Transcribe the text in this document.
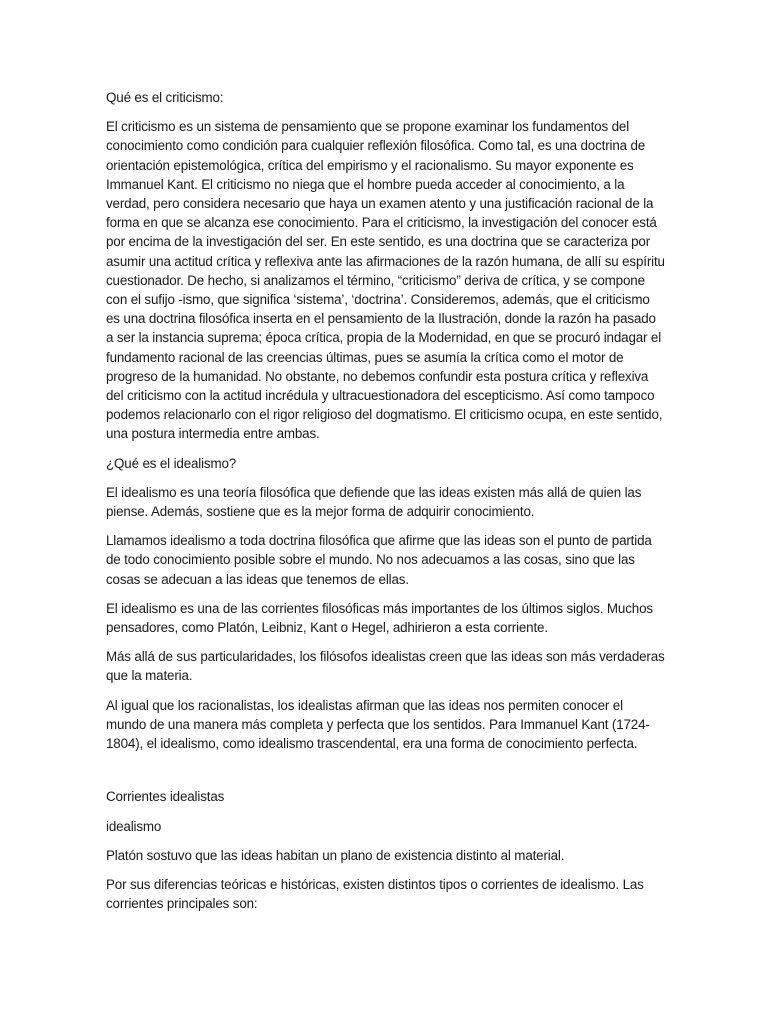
Qué es el criticismo:

El criticismo es un sistema de pensamiento que se propone examinar los fundamentos del conocimiento como condición para cualquier reflexión filosófica. Como tal, es una doctrina de orientación epistemológica, crítica del empirismo y el racionalismo. Su mayor exponente es Immanuel Kant. El criticismo no niega que el hombre pueda acceder al conocimiento, a la verdad, pero considera necesario que haya un examen atento y una justificación racional de la forma en que se alcanza ese conocimiento. Para el criticismo, la investigación del conocer está por encima de la investigación del ser. En este sentido, es una doctrina que se caracteriza por asumir una actitud crítica y reflexiva ante las afirmaciones de la razón humana, de allí su espíritu cuestionador. De hecho, si analizamos el término, “criticismo” deriva de crítica, y se compone con el sufijo -ismo, que significa ‘sistema’, ‘doctrina’. Consideremos, además, que el criticismo es una doctrina filosófica inserta en el pensamiento de la Ilustración, donde la razón ha pasado a ser la instancia suprema; época crítica, propia de la Modernidad, en que se procuró indagar el fundamento racional de las creencias últimas, pues se asumía la crítica como el motor de progreso de la humanidad. No obstante, no debemos confundir esta postura crítica y reflexiva del criticismo con la actitud incrédula y ultracuestionadora del escepticismo. Así como tampoco podemos relacionarlo con el rigor religioso del dogmatismo. El criticismo ocupa, en este sentido, una postura intermedia entre ambas.

¿Qué es el idealismo?

El idealismo es una teoría filosófica que defiende que las ideas existen más allá de quien las piense. Además, sostiene que es la mejor forma de adquirir conocimiento.

Llamamos idealismo a toda doctrina filosófica que afirme que las ideas son el punto de partida de todo conocimiento posible sobre el mundo. No nos adecuamos a las cosas, sino que las cosas se adecuan a las ideas que tenemos de ellas.

El idealismo es una de las corrientes filosóficas más importantes de los últimos siglos. Muchos pensadores, como Platón, Leibniz, Kant o Hegel, adhirieron a esta corriente.

Más allá de sus particularidades, los filósofos idealistas creen que las ideas son más verdaderas que la materia.

Al igual que los racionalistas, los idealistas afirman que las ideas nos permiten conocer el mundo de una manera más completa y perfecta que los sentidos. Para Immanuel Kant (1724-1804), el idealismo, como idealismo trascendental, era una forma de conocimiento perfecta.

Corrientes idealistas

idealismo

Platón sostuvo que las ideas habitan un plano de existencia distinto al material.

Por sus diferencias teóricas e históricas, existen distintos tipos o corrientes de idealismo. Las corrientes principales son:
